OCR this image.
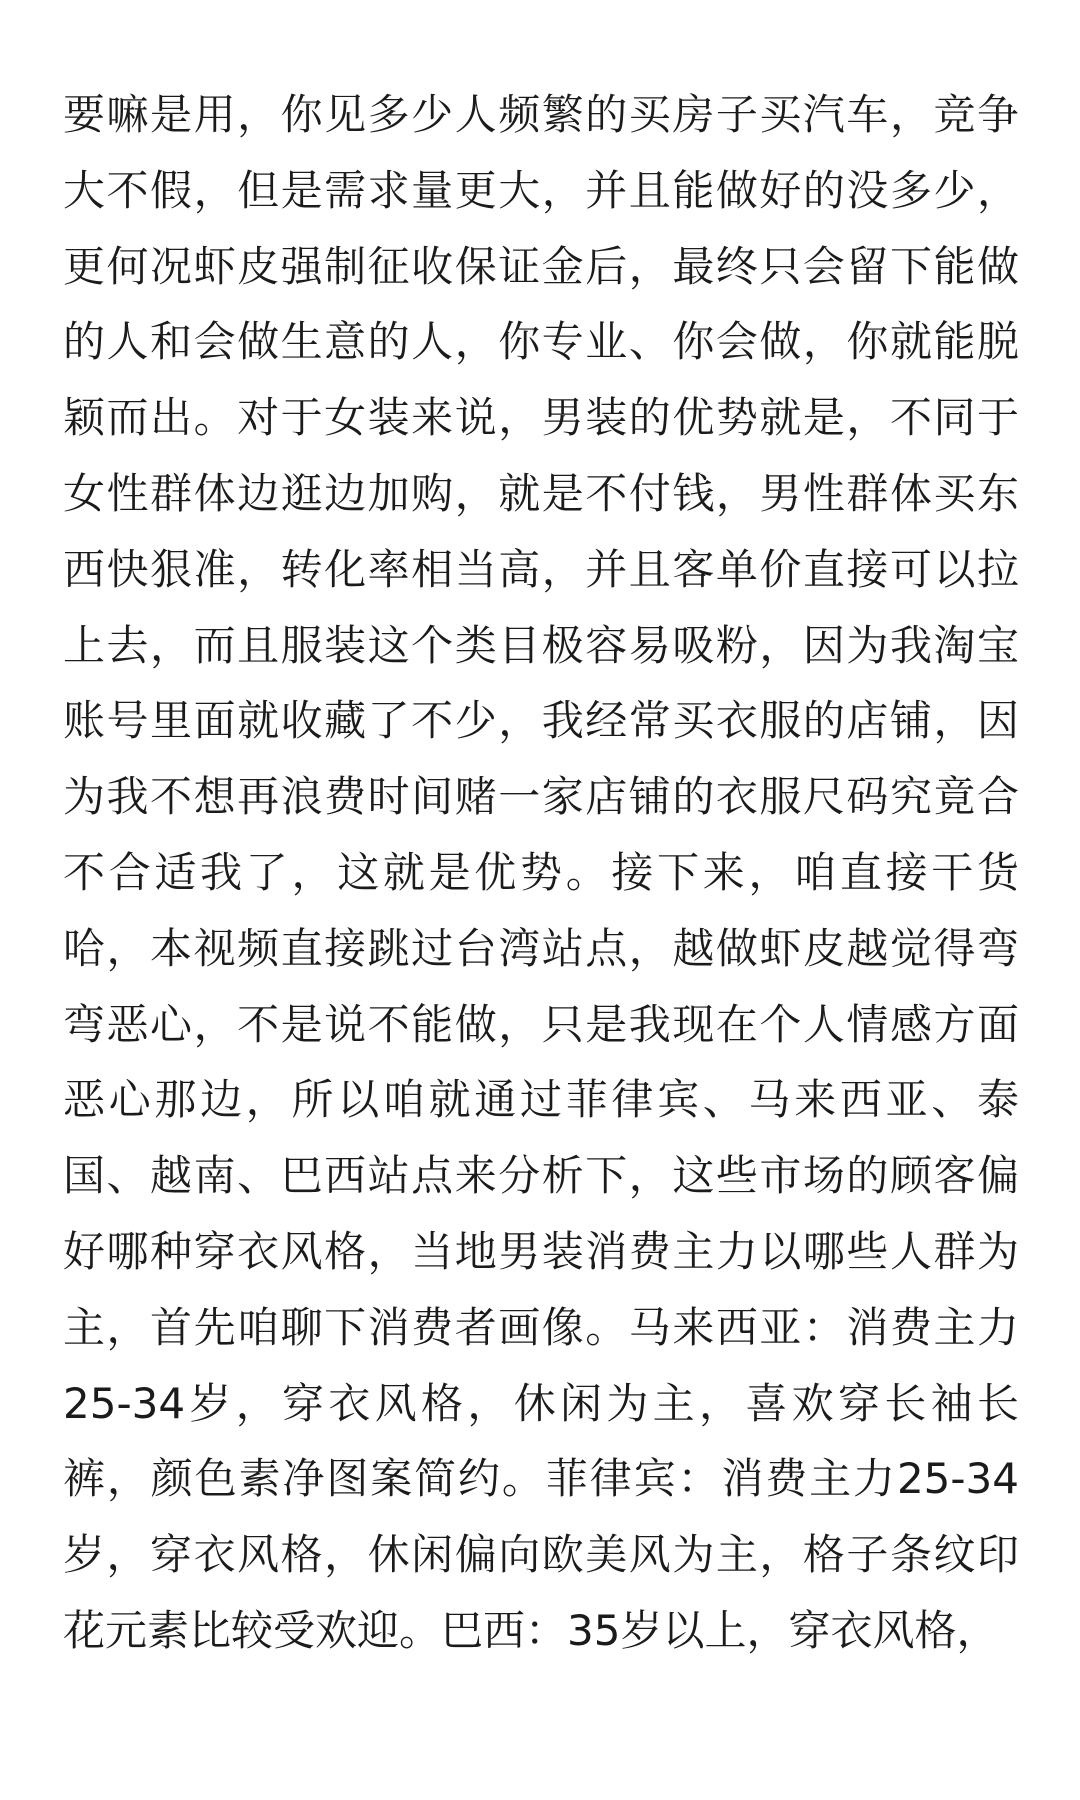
要嘛是用，你见多少人频繁的买房子买汽车，竞争
大不假，但是需求量更大，并且能做好的没多少，
更何况虾皮强制征收保证金后，最终只会留下能做
的人和会做生意的人，你专业、你会做，你就能脱
颖而出。对于女装来说，男装的优势就是，不同于
女性群体边逛边加购，就是不付钱，男性群体买东
西快狠准，转化率相当高，并且客单价直接可以拉
上去，而且服装这个类目极容易吸粉，因为我淘宝
账号里面就收藏了不少，我经常买衣服的店铺，因
为我不想再浪费时间赌一家店铺的衣服尺码究竟合
不合适我了，这就是优势。接下来，咱直接干货
哈，本视频直接跳过台湾站点，越做虾皮越觉得弯
弯恶心，不是说不能做，只是我现在个人情感方面
恶心那边，所以咱就通过菲律宾、马来西亚、泰
国、越南、巴西站点来分析下，这些市场的顾客偏
好哪种穿衣风格，当地男装消费主力以哪些人群为
主，首先咱聊下消费者画像。马来西亚：消费主力
25-34岁，穿衣风格，休闲为主，喜欢穿长袖长
裤，颜色素净图案简约。菲律宾：消费主力25-34
岁，穿衣风格，休闲偏向欧美风为主，格子条纹印
花元素比较受欢迎。巴西：35岁以上，穿衣风格，
